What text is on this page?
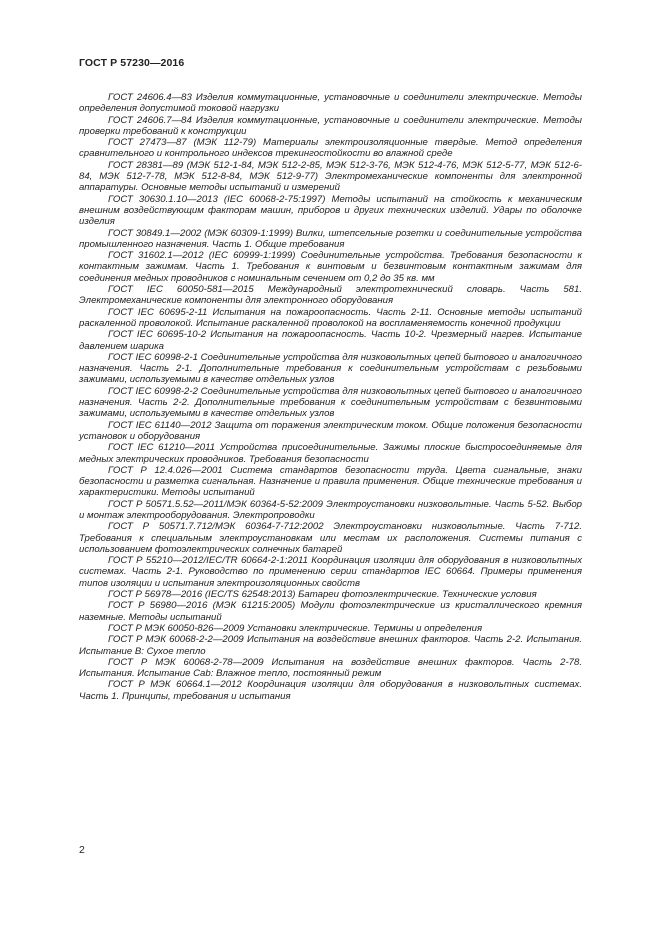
ГОСТ Р 57230—2016

ГОСТ 24606.4—83 Изделия коммутационные, установочные и соединители электрические. Методы определения допустимой токовой нагрузки

ГОСТ 24606.7—84 Изделия коммутационные, установочные и соединители электрические. Методы проверки требований к конструкции

ГОСТ 27473—87 (МЭК 112-79) Материалы электроизоляционные твердые. Метод определения сравнительного и контрольного индексов трекингостойкости во влажной среде

ГОСТ 28381—89 (МЭК 512-1-84, МЭК 512-2-85, МЭК 512-3-76, МЭК 512-4-76, МЭК 512-5-77, МЭК 512-6-84, МЭК 512-7-78, МЭК 512-8-84, МЭК 512-9-77) Электромеханические компоненты для электронной аппаратуры. Основные методы испытаний и измерений

ГОСТ 30630.1.10—2013 (IEC 60068-2-75:1997) Методы испытаний на стойкость к механическим внешним воздействующим факторам машин, приборов и других технических изделий. Удары по оболочке изделия

ГОСТ 30849.1—2002 (МЭК 60309-1:1999) Вилки, штепсельные розетки и соединительные устройства промышленного назначения. Часть 1. Общие требования

ГОСТ 31602.1—2012 (IEC 60999-1:1999) Соединительные устройства. Требования безопасности к контактным зажимам. Часть 1. Требования к винтовым и безвинтовым контактным зажимам для соединения медных проводников с номинальным сечением от 0,2 до 35 кв. мм

ГОСТ IEC 60050-581—2015 Международный электротехнический словарь. Часть 581. Электромеханические компоненты для электронного оборудования

ГОСТ IEC 60695-2-11 Испытания на пожароопасность. Часть 2-11. Основные методы испытаний раскаленной проволокой. Испытание раскаленной проволокой на воспламеняемость конечной продукции

ГОСТ IEC 60695-10-2 Испытания на пожароопасность. Часть 10-2. Чрезмерный нагрев. Испытание давлением шарика

ГОСТ IEC 60998-2-1 Соединительные устройства для низковольтных цепей бытового и аналогичного назначения. Часть 2-1. Дополнительные требования к соединительным устройствам с резьбовыми зажимами, используемыми в качестве отдельных узлов

ГОСТ IEC 60998-2-2 Соединительные устройства для низковольтных цепей бытового и аналогичного назначения. Часть 2-2. Дополнительные требования к соединительным устройствам с безвинтовыми зажимами, используемыми в качестве отдельных узлов

ГОСТ IEC 61140—2012 Защита от поражения электрическим током. Общие положения безопасности установок и оборудования

ГОСТ IEC 61210—2011 Устройства присоединительные. Зажимы плоские быстросоединяемые для медных электрических проводников. Требования безопасности

ГОСТ Р 12.4.026—2001 Система стандартов безопасности труда. Цвета сигнальные, знаки безопасности и разметка сигнальная. Назначение и правила применения. Общие технические требования и характеристики. Методы испытаний

ГОСТ Р 50571.5.52—2011/МЭК 60364-5-52:2009 Электроустановки низковольтные. Часть 5-52. Выбор и монтаж электрооборудования. Электропроводки

ГОСТ Р 50571.7.712/МЭК 60364-7-712:2002 Электроустановки низковольтные. Часть 7-712. Требования к специальным электроустановкам или местам их расположения. Системы питания с использованием фотоэлектрических солнечных батарей

ГОСТ Р 55210—2012/IEC/TR 60664-2-1:2011 Координация изоляции для оборудования в низковольтных системах. Часть 2-1. Руководство по применению серии стандартов IEC 60664. Примеры применения типов изоляции и испытания электроизоляционных свойств

ГОСТ Р 56978—2016 (IEC/TS 62548:2013) Батареи фотоэлектрические. Технические условия

ГОСТ Р 56980—2016 (МЭК 61215:2005) Модули фотоэлектрические из кристаллического кремния наземные. Методы испытаний

ГОСТ Р МЭК 60050-826—2009 Установки электрические. Термины и определения

ГОСТ Р МЭК 60068-2-2—2009 Испытания на воздействие внешних факторов. Часть 2-2. Испытания. Испытание B: Сухое тепло

ГОСТ Р МЭК 60068-2-78—2009 Испытания на воздействие внешних факторов. Часть 2-78. Испытания. Испытание Cab: Влажное тепло, постоянный режим

ГОСТ Р МЭК 60664.1—2012 Координация изоляции для оборудования в низковольтных системах. Часть 1. Принципы, требования и испытания

2
